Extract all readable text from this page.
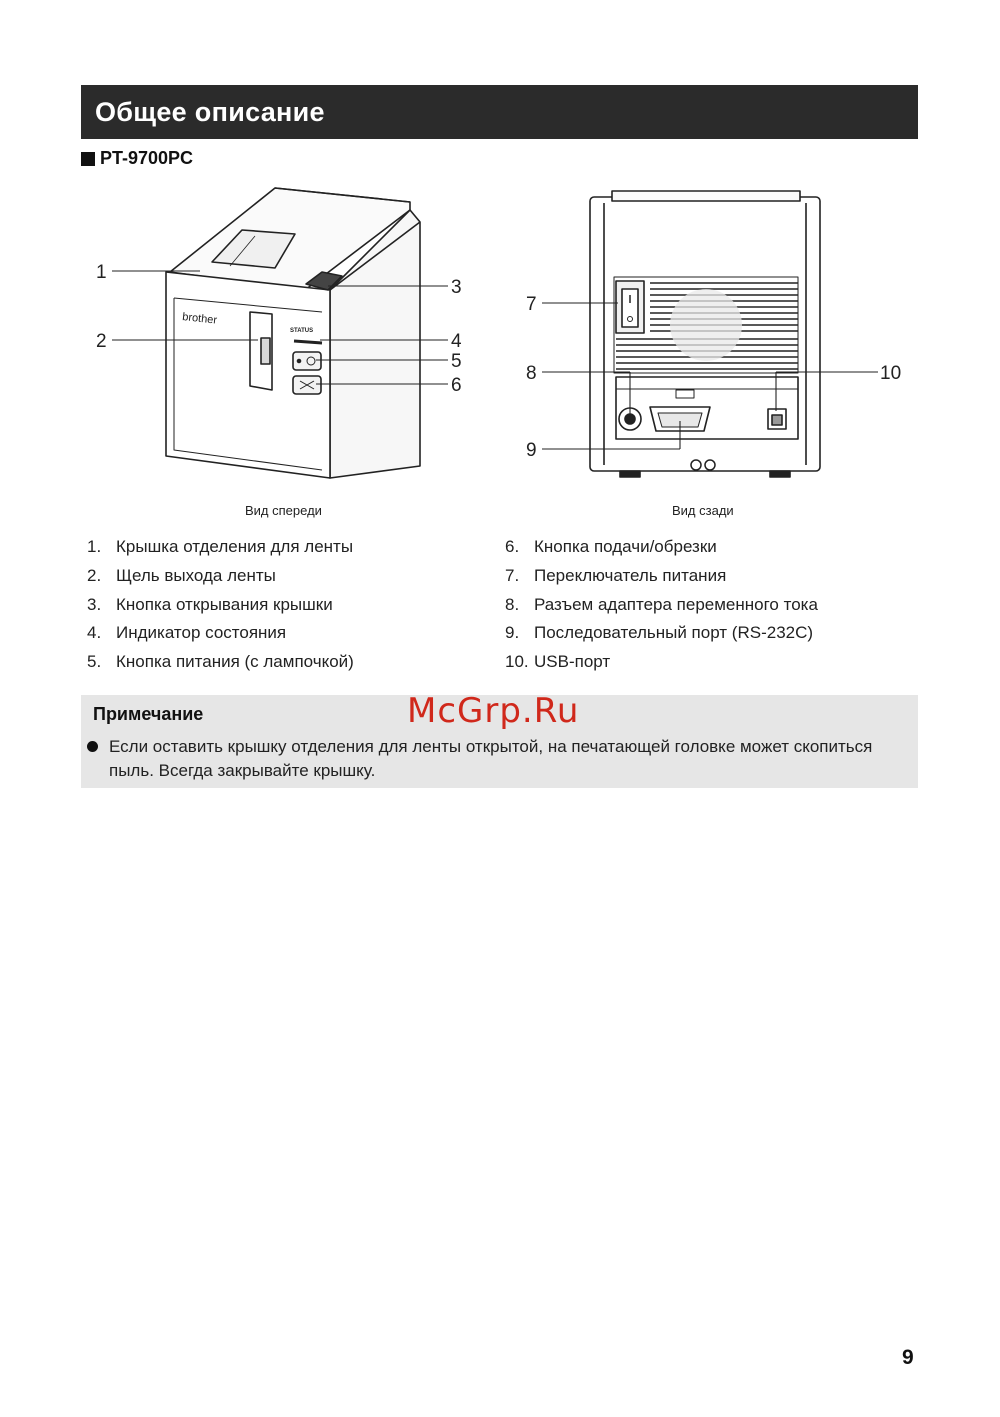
Общее описание
PT-9700PC
brother
STATUS
1
2
3
4
5
6
Вид спереди
7
8
9
10
Вид сзади
1. Крышка отделения для ленты
2. Щель выхода ленты
3. Кнопка открывания крышки
4. Индикатор состояния
5. Кнопка питания (с лампочкой)
6. Кнопка подачи/обрезки
7. Переключатель питания
8. Разъем адаптера переменного тока
9. Последовательный порт (RS-232C)
10. USB-порт
Примечание	McGrp.Ru
Если оставить крышку отделения для ленты открытой, на печатающей головке может скопиться пыль. Всегда закрывайте крышку.
9
